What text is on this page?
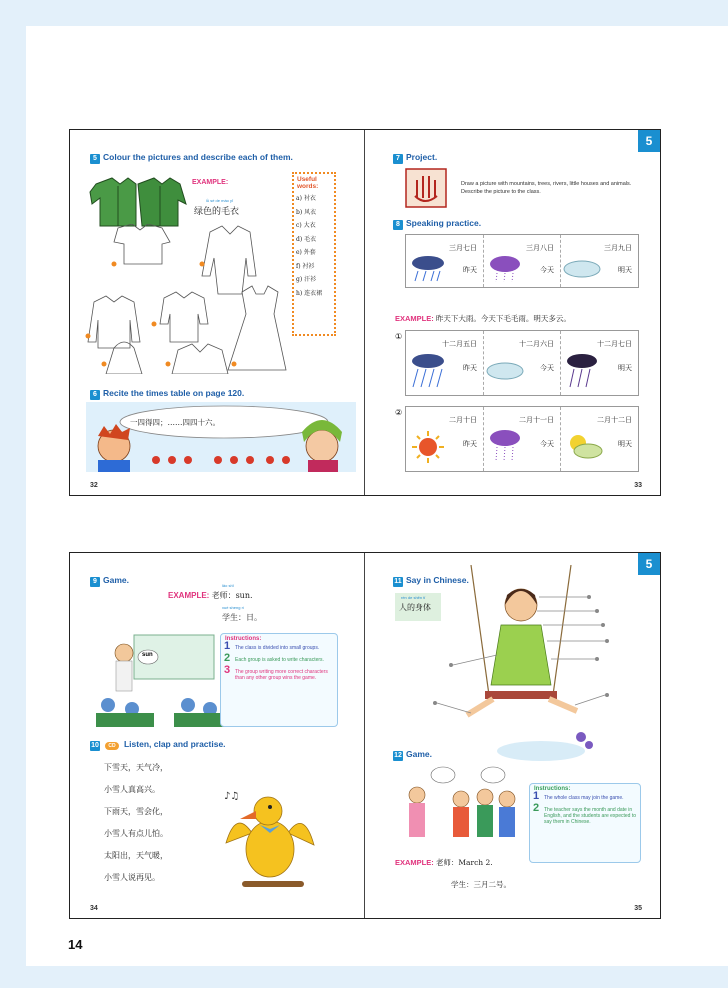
5 Colour the pictures and describe each of them.
EXAMPLE:
lǜ sè de máo yī
绿色的毛衣
Useful words:
a) 衬衣
b) 风衣
c) 大衣
d) 毛衣
e) 外套
f) 衬衫
g) 汗衫
h) 连衣裙
6 Recite the times table on page 120.
一四得四；……四四十六。
32
5
7 Project.
Draw a picture with mountains, trees, rivers, little houses and animals. Describe the picture to the class.
8 Speaking practice.
三月七日
昨天
三月八日
今天
三月九日
明天
EXAMPLE: 昨天下大雨。今天下毛毛雨。明天多云。
①
十二月五日
昨天
十二月六日
今天
十二月七日
明天
②
二月十日
昨天
二月十一日
今天
二月十二日
明天
33
9 Game.
lǎo shī
EXAMPLE: 老师：sun.
xué sheng rì
学生：日。
sun
Instructions:
1 The class is divided into small groups.
2 Each group is asked to write characters.
3 The group writing more correct characters than any other group wins the game.
10 CD Listen, clap and practise.
下雪天，天气冷，
小雪人真高兴。
下雨天，雪会化，
小雪人有点儿怕。
太阳出，天气暖，
小雪人说再见。
♪♫
34
5
11 Say in Chinese.
rén de shēn tǐ
人的身体
12 Game.
Instructions:
1 The whole class may join the game.
2 The teacher says the month and date in English, and the students are expected to say them in Chinese.
EXAMPLE: 老师：March 2.
学生：三月二号。
35
14
